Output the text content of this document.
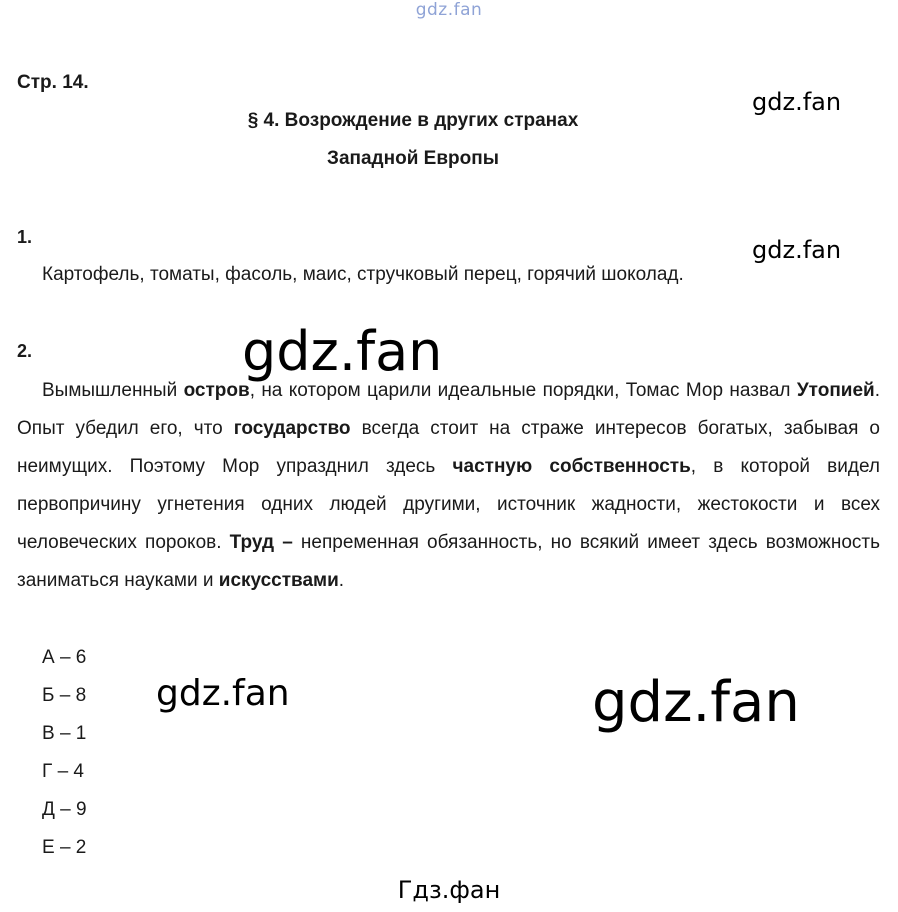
gdz.fan
gdz.fan
gdz.fan

Стр. 14.

§ 4. Возрождение в других странах
Западной Европы
1.

Картофель, томаты, фасоль, маис, стручковый перец, горячий шоколад.

2.

Вымышленный остров, на котором царили идеальные порядки, Томас Мор назвал Утопией. Опыт убедил его, что государство всегда стоит на страже интересов богатых, забывая о неимущих. Поэтому Мор упразднил здесь частную собственность, в которой видел первопричину угнетения одних людей другими, источник жадности, жестокости и всех человеческих пороков. Труд – непременная обязанность, но всякий имеет здесь возможность заниматься науками и искусствами.

А – 6
Б – 8
В – 1
Г – 4
Д – 9
Е – 2
gdz.fan
gdz.fan	gdz.fan
Гдз.фан
